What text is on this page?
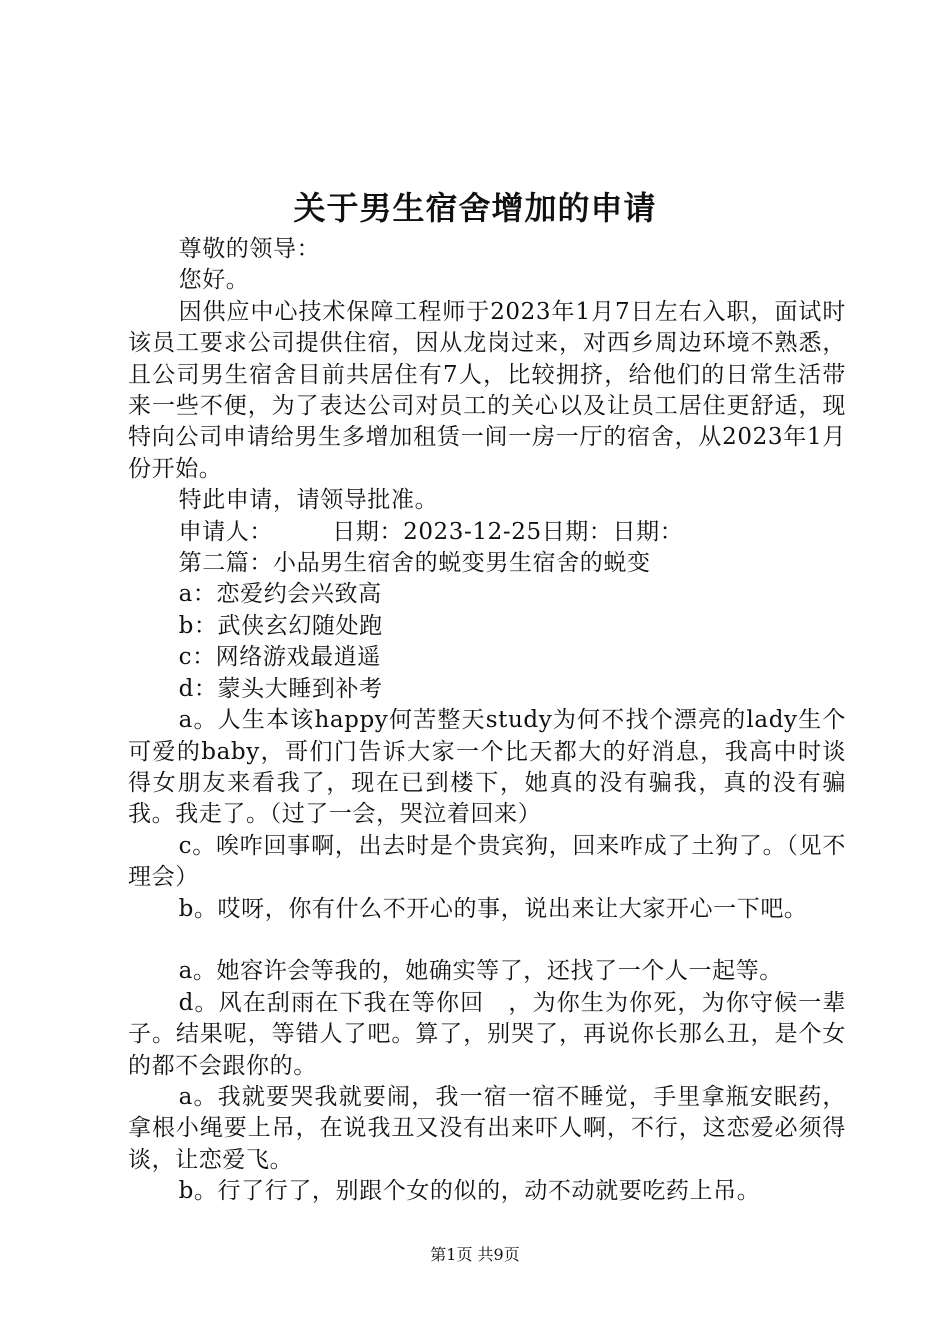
关于男生宿舍增加的申请

尊敬的领导：

您好。

因供应中心技术保障工程师于2023年1月7日左右入职，面试时该员工要求公司提供住宿，因从龙岗过来，对西乡周边环境不熟悉，且公司男生宿舍目前共居住有7人，比较拥挤，给他们的日常生活带来一些不便，为了表达公司对员工的关心以及让员工居住更舒适，现特向公司申请给男生多增加租赁一间一房一厅的宿舍，从2023年1月份开始。

特此申请，请领导批准。

申请人：　　　日期：2023-12-25日期：日期：

第二篇：小品男生宿舍的蜕变男生宿舍的蜕变

a：恋爱约会兴致高

b：武侠玄幻随处跑

c：网络游戏最逍遥

d：蒙头大睡到补考

a。人生本该happy何苦整天study为何不找个漂亮的lady生个可爱的baby，哥们门告诉大家一个比天都大的好消息，我高中时谈得女朋友来看我了，现在已到楼下，她真的没有骗我，真的没有骗我。我走了。（过了一会，哭泣着回来）

c。唉咋回事啊，出去时是个贵宾狗，回来咋成了土狗了。（见不理会）

b。哎呀，你有什么不开心的事，说出来让大家开心一下吧。

a。她容许会等我的，她确实等了，还找了一个人一起等。

d。风在刮雨在下我在等你回　，为你生为你死，为你守候一辈子。结果呢，等错人了吧。算了，别哭了，再说你长那么丑，是个女的都不会跟你的。

a。我就要哭我就要闹，我一宿一宿不睡觉，手里拿瓶安眠药，拿根小绳要上吊，在说我丑又没有出来吓人啊，不行，这恋爱必须得谈，让恋爱飞。

b。行了行了，别跟个女的似的，动不动就要吃药上吊。

第1页 共9页
